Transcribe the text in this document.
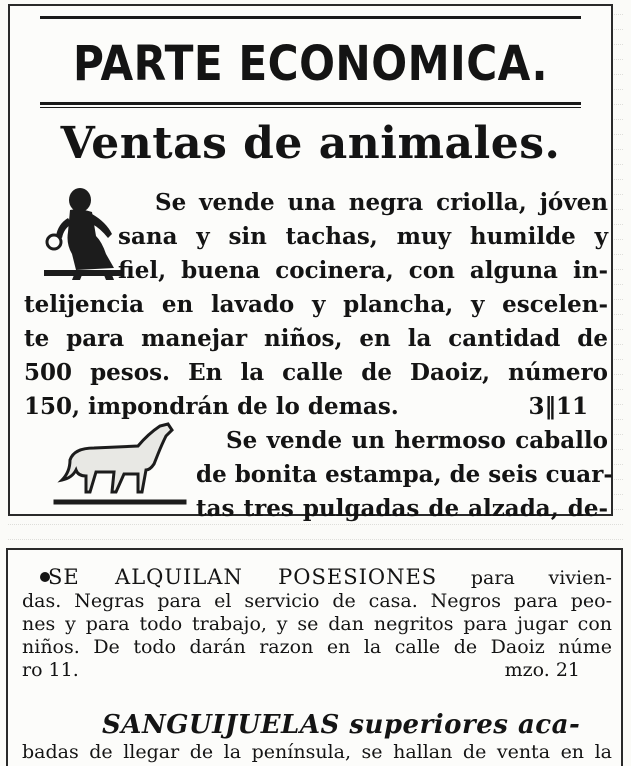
PARTE ECONOMICA.
Ventas de animales.
Se vende una negra criolla, jóven
sana y sin tachas, muy humilde y
fiel, buena cocinera, con alguna in-
telijencia en lavado y plancha, y escelen-
te para manejar niños, en la cantidad de
500 pesos. En la calle de Daoiz, número
150, impondrán de lo demas.	3‖11
Se vende un hermoso caballo
de bonita estampa, de seis cuar-
tas tres pulgadas de alzada, de-
SE ALQUILAN POSESIONES para vivien-
das. Negras para el servicio de casa. Negros para peo-
nes y para todo trabajo, y se dan negritos para jugar con
niños. De todo darán razon en la calle de Daoiz núme
ro 11.	mzo. 21
SANGUIJUELAS superiores aca-
badas de llegar de la península, se hallan de venta en la
